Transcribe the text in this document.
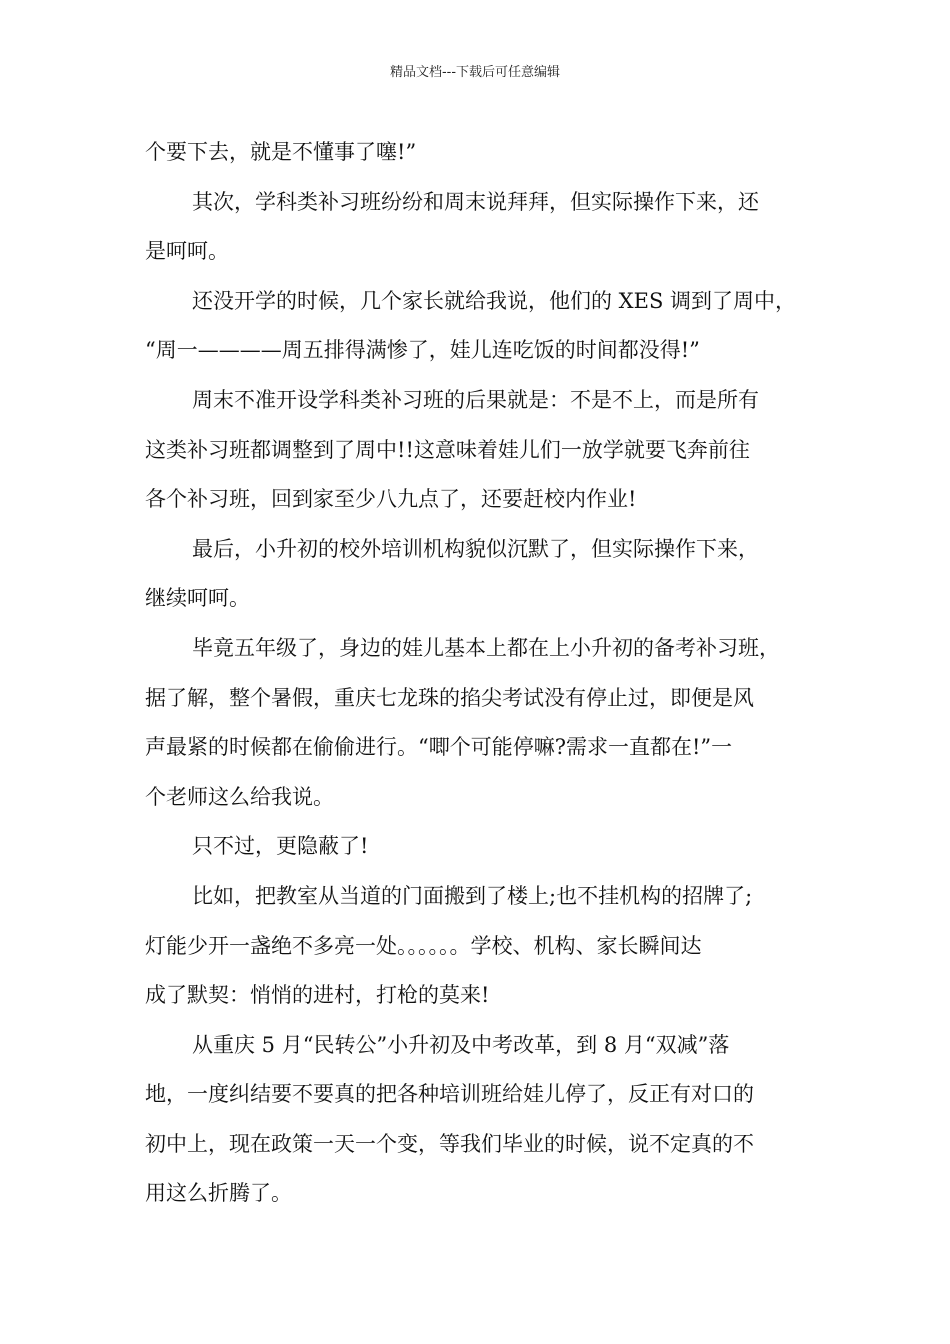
精品文档---下载后可任意编辑
个要下去，就是不懂事了噻!”
其次，学科类补习班纷纷和周末说拜拜，但实际操作下来，还
是呵呵。
还没开学的时候，几个家长就给我说，他们的 XES 调到了周中，
“周一————周五排得满惨了，娃儿连吃饭的时间都没得!”
周末不准开设学科类补习班的后果就是：不是不上，而是所有
这类补习班都调整到了周中!!这意味着娃儿们一放学就要飞奔前往
各个补习班，回到家至少八九点了，还要赶校内作业!
最后，小升初的校外培训机构貌似沉默了，但实际操作下来，
继续呵呵。
毕竟五年级了，身边的娃儿基本上都在上小升初的备考补习班，
据了解，整个暑假，重庆七龙珠的掐尖考试没有停止过，即便是风
声最紧的时候都在偷偷进行。“唧个可能停嘛?需求一直都在!”一
个老师这么给我说。
只不过，更隐蔽了!
比如，把教室从当道的门面搬到了楼上;也不挂机构的招牌了;
灯能少开一盏绝不多亮一处。。。。。。学校、机构、家长瞬间达
成了默契：悄悄的进村，打枪的莫来!
从重庆 5 月“民转公”小升初及中考改革，到 8 月“双减”落
地，一度纠结要不要真的把各种培训班给娃儿停了，反正有对口的
初中上，现在政策一天一个变，等我们毕业的时候，说不定真的不
用这么折腾了。
